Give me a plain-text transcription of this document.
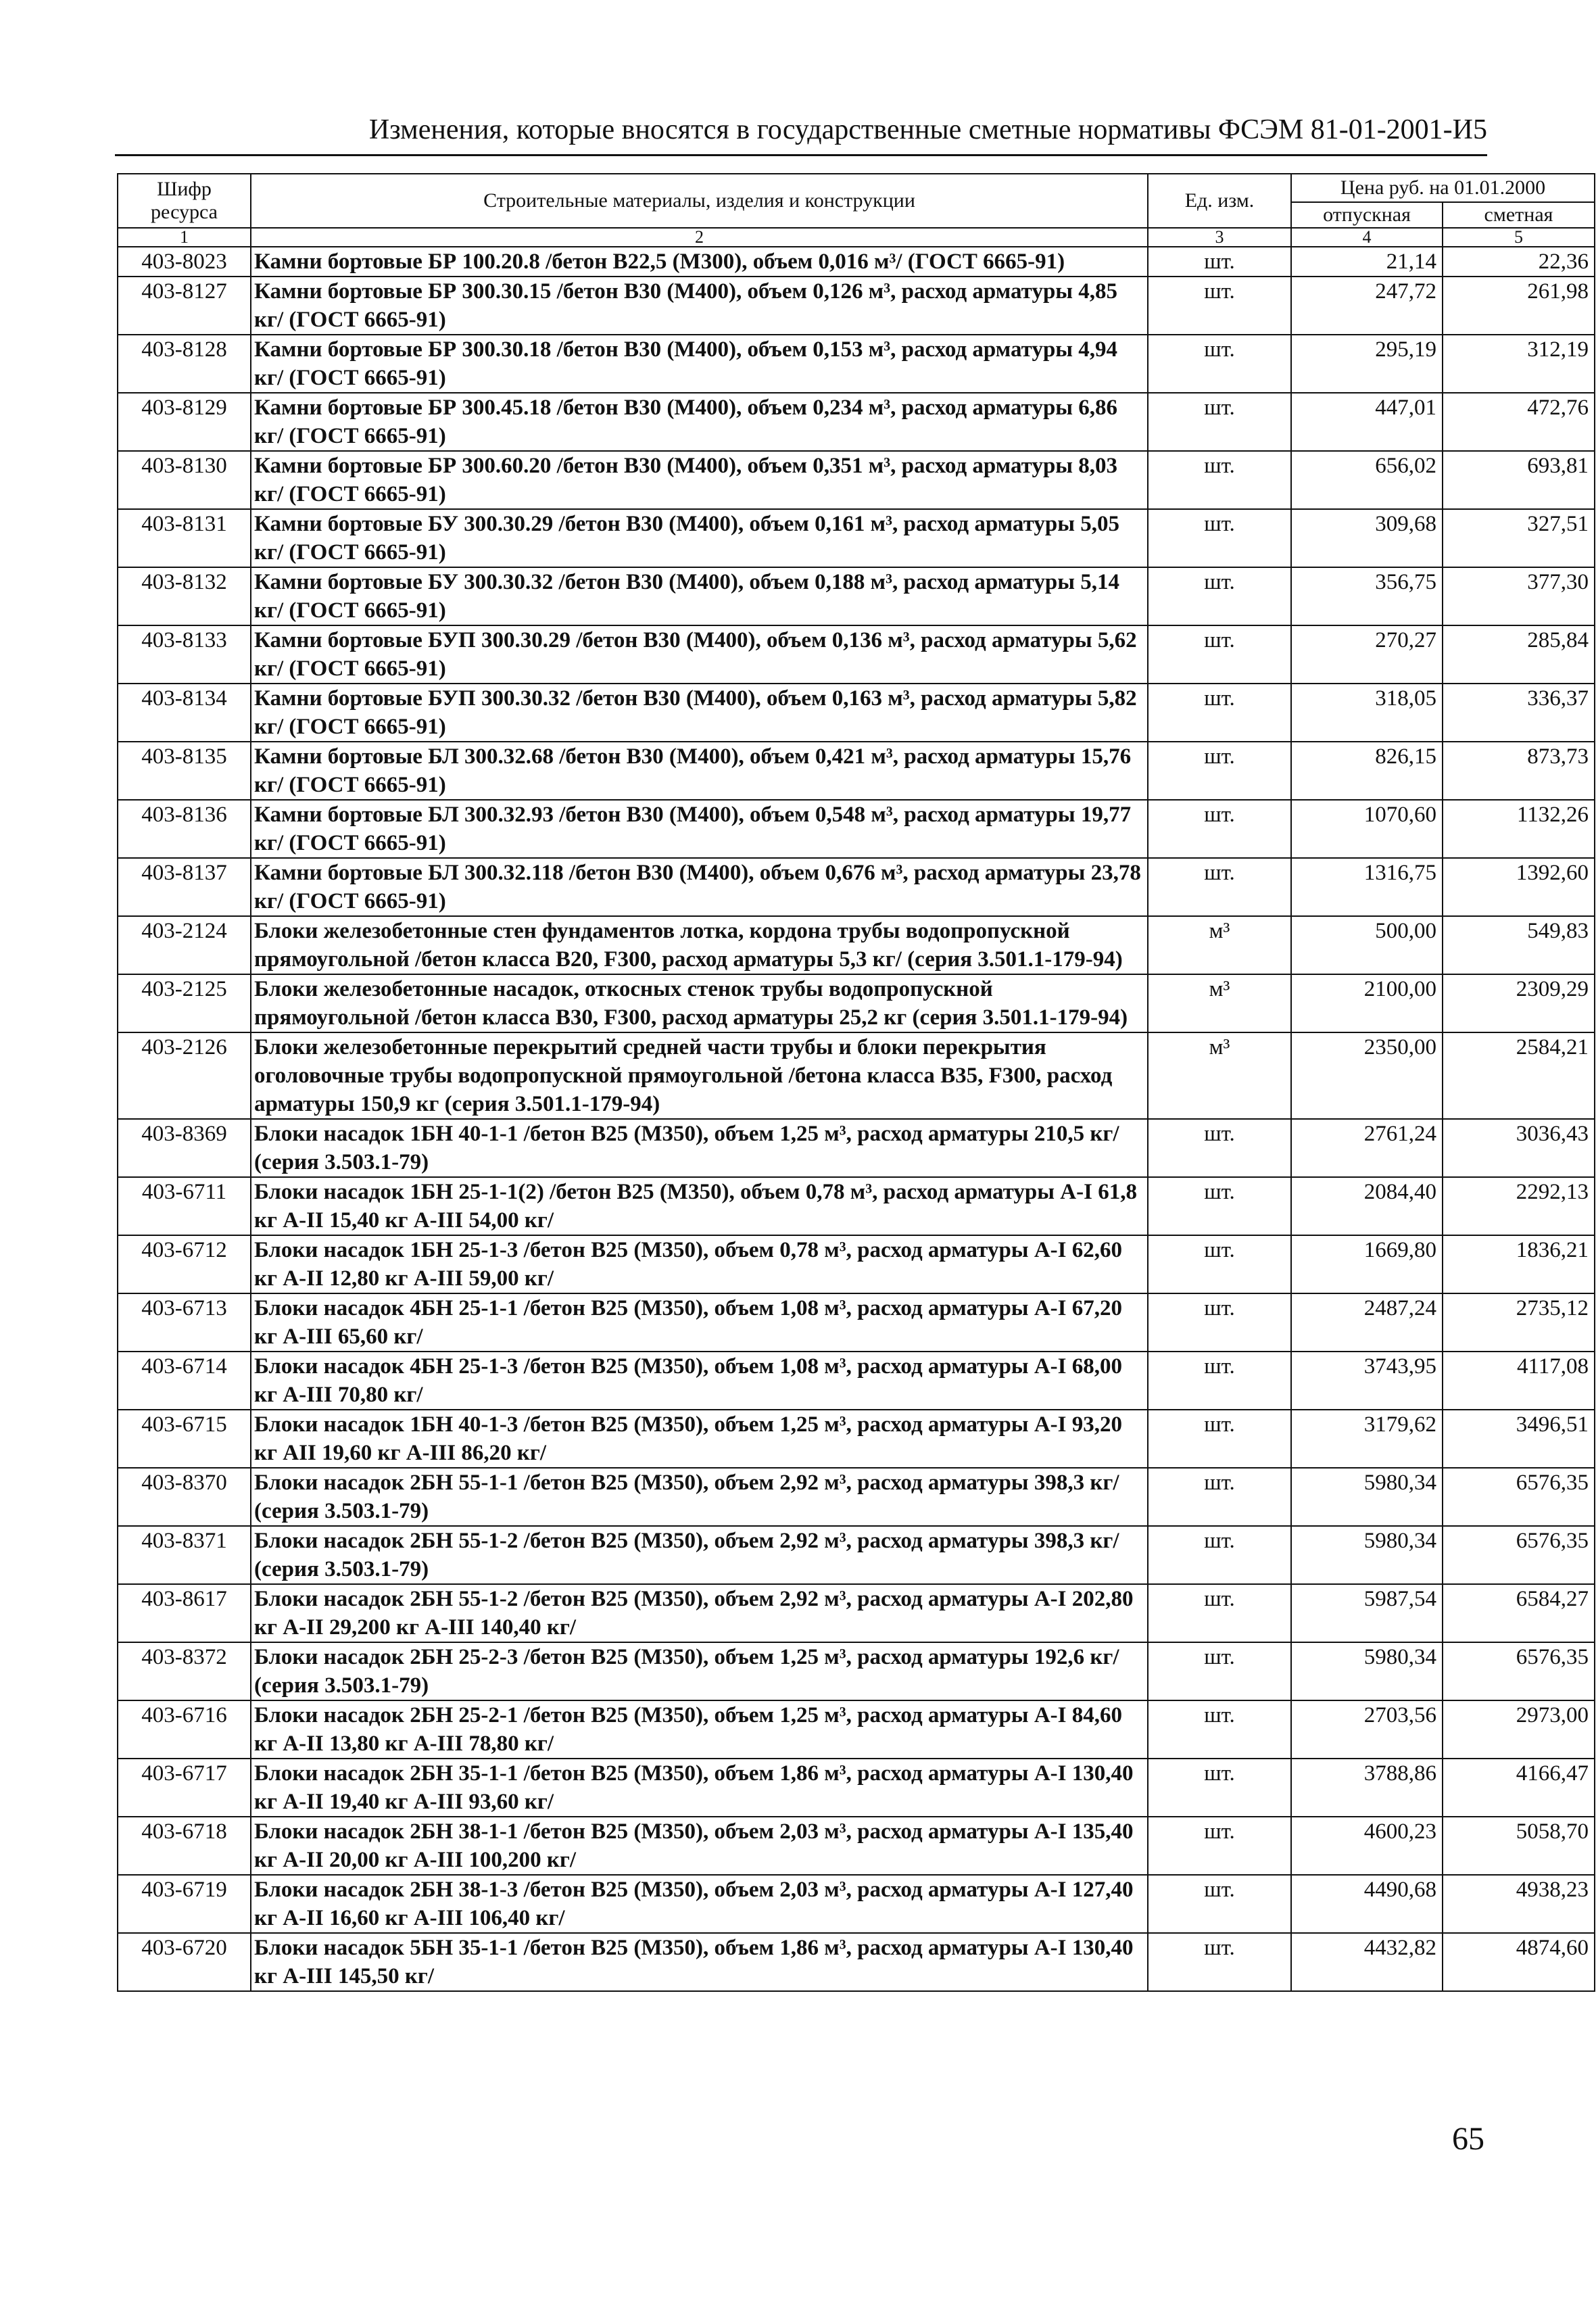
Изменения, которые вносятся в государственные сметные нормативы ФСЭМ 81-01-2001-И5
Шифр ресурса	Строительные материалы, изделия и конструкции	Ед. изм.	Цена руб. на 01.01.2000	
			отпускная	сметная
1	2	3	4	5
403-8023	Камни бортовые БР 100.20.8 /бетон В22,5 (М300), объем 0,016 м³/ (ГОСТ 6665-91)	шт.	21,14	22,36
403-8127	Камни бортовые БР 300.30.15 /бетон В30 (М400), объем 0,126 м³, расход арматуры 4,85 кг/ (ГОСТ 6665-91)	шт.	247,72	261,98
403-8128	Камни бортовые БР 300.30.18 /бетон В30 (М400), объем 0,153 м³, расход арматуры 4,94 кг/ (ГОСТ 6665-91)	шт.	295,19	312,19
403-8129	Камни бортовые БР 300.45.18 /бетон В30 (М400), объем 0,234 м³, расход арматуры 6,86 кг/ (ГОСТ 6665-91)	шт.	447,01	472,76
403-8130	Камни бортовые БР 300.60.20 /бетон В30 (М400), объем 0,351 м³, расход арматуры 8,03 кг/ (ГОСТ 6665-91)	шт.	656,02	693,81
403-8131	Камни бортовые БУ 300.30.29 /бетон В30 (М400), объем 0,161 м³, расход арматуры 5,05 кг/ (ГОСТ 6665-91)	шт.	309,68	327,51
403-8132	Камни бортовые БУ 300.30.32 /бетон В30 (М400), объем 0,188 м³, расход арматуры 5,14 кг/ (ГОСТ 6665-91)	шт.	356,75	377,30
403-8133	Камни бортовые БУП 300.30.29 /бетон В30 (М400), объем 0,136 м³, расход арматуры 5,62 кг/ (ГОСТ 6665-91)	шт.	270,27	285,84
403-8134	Камни бортовые БУП 300.30.32 /бетон В30 (М400), объем 0,163 м³, расход арматуры 5,82 кг/ (ГОСТ 6665-91)	шт.	318,05	336,37
403-8135	Камни бортовые БЛ 300.32.68 /бетон В30 (М400), объем 0,421 м³, расход арматуры 15,76 кг/ (ГОСТ 6665-91)	шт.	826,15	873,73
403-8136	Камни бортовые БЛ 300.32.93 /бетон В30 (М400), объем 0,548 м³, расход арматуры 19,77 кг/ (ГОСТ 6665-91)	шт.	1070,60	1132,26
403-8137	Камни бортовые БЛ 300.32.118 /бетон В30 (М400), объем 0,676 м³, расход арматуры 23,78 кг/ (ГОСТ 6665-91)	шт.	1316,75	1392,60
403-2124	Блоки железобетонные стен фундаментов лотка, кордона трубы водопропускной прямоугольной /бетон класса В20, F300, расход арматуры 5,3 кг/ (серия 3.501.1-179-94)	м³	500,00	549,83
403-2125	Блоки железобетонные насадок, откосных стенок трубы водопропускной прямоугольной /бетон класса В30, F300, расход арматуры 25,2 кг (серия 3.501.1-179-94)	м³	2100,00	2309,29
403-2126	Блоки железобетонные перекрытий средней части трубы и блоки перекрытия оголовочные трубы водопропускной прямоугольной /бетона класса В35, F300, расход арматуры 150,9 кг (серия 3.501.1-179-94)	м³	2350,00	2584,21
403-8369	Блоки насадок 1БН 40-1-1 /бетон В25 (М350), объем 1,25 м³, расход арматуры 210,5 кг/ (серия 3.503.1-79)	шт.	2761,24	3036,43
403-6711	Блоки насадок 1БН 25-1-1(2) /бетон В25 (М350), объем 0,78 м³, расход арматуры А-I 61,8 кг А-II 15,40 кг А-III 54,00 кг/	шт.	2084,40	2292,13
403-6712	Блоки насадок 1БН 25-1-3 /бетон В25 (М350), объем 0,78 м³, расход арматуры А-I 62,60 кг А-II 12,80 кг А-III 59,00 кг/	шт.	1669,80	1836,21
403-6713	Блоки насадок 4БН 25-1-1 /бетон В25 (М350), объем 1,08 м³, расход арматуры А-I 67,20 кг А-III 65,60 кг/	шт.	2487,24	2735,12
403-6714	Блоки насадок 4БН 25-1-3 /бетон В25 (М350), объем 1,08 м³, расход арматуры А-I 68,00 кг А-III 70,80 кг/	шт.	3743,95	4117,08
403-6715	Блоки насадок 1БН 40-1-3 /бетон В25 (М350), объем 1,25 м³, расход арматуры А-I 93,20 кг АII 19,60 кг А-III 86,20 кг/	шт.	3179,62	3496,51
403-8370	Блоки насадок 2БН 55-1-1 /бетон В25 (М350), объем 2,92 м³, расход арматуры 398,3 кг/ (серия 3.503.1-79)	шт.	5980,34	6576,35
403-8371	Блоки насадок 2БН 55-1-2 /бетон В25 (М350), объем 2,92 м³, расход арматуры 398,3 кг/ (серия 3.503.1-79)	шт.	5980,34	6576,35
403-8617	Блоки насадок 2БН 55-1-2 /бетон В25 (М350), объем 2,92 м³, расход арматуры А-I 202,80 кг А-II 29,200 кг А-III 140,40 кг/	шт.	5987,54	6584,27
403-8372	Блоки насадок 2БН 25-2-3 /бетон В25 (М350), объем 1,25 м³, расход арматуры 192,6 кг/ (серия 3.503.1-79)	шт.	5980,34	6576,35
403-6716	Блоки насадок 2БН 25-2-1 /бетон В25 (М350), объем 1,25 м³, расход арматуры А-I 84,60 кг А-II 13,80 кг А-III 78,80 кг/	шт.	2703,56	2973,00
403-6717	Блоки насадок 2БН 35-1-1 /бетон В25 (М350), объем 1,86 м³, расход арматуры А-I 130,40 кг А-II 19,40 кг А-III 93,60 кг/	шт.	3788,86	4166,47
403-6718	Блоки насадок 2БН 38-1-1 /бетон В25 (М350), объем 2,03 м³, расход арматуры А-I 135,40 кг А-II 20,00 кг А-III 100,200 кг/	шт.	4600,23	5058,70
403-6719	Блоки насадок 2БН 38-1-3 /бетон В25 (М350), объем 2,03 м³, расход арматуры А-I 127,40 кг А-II 16,60 кг А-III 106,40 кг/	шт.	4490,68	4938,23
403-6720	Блоки насадок 5БН 35-1-1 /бетон В25 (М350), объем 1,86 м³, расход арматуры А-I 130,40 кг А-III 145,50 кг/	шт.	4432,82	4874,60
65
